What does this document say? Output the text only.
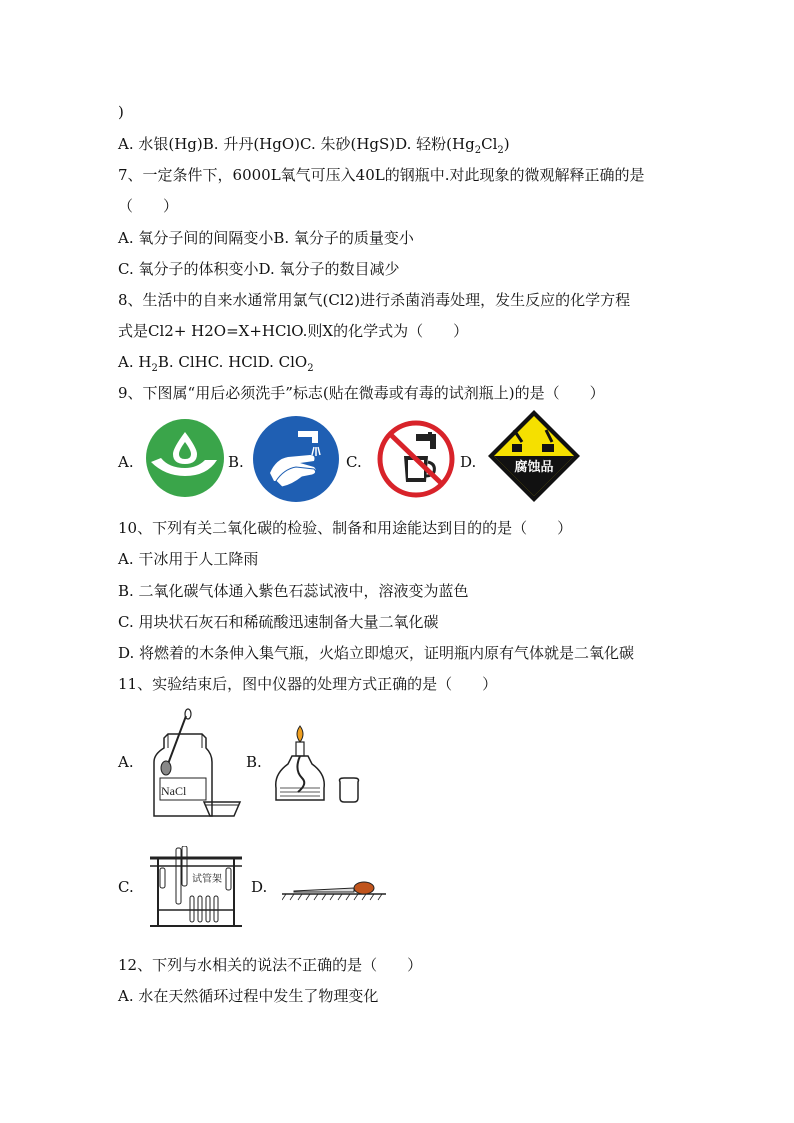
)
A. 水银(Hg)B. 升丹(HgO)C. 朱砂(HgS)D. 轻粉$(Hg_2Cl_2)$
7、一定条件下，6000L氧气可压入40L的钢瓶中.对此现象的微观解释正确的是
（　　）
A. 氧分子间的间隔变小B. 氧分子的质量变小
C. 氧分子的体积变小D. 氧分子的数目减少
8、生活中的自来水通常用氯气(Cl2)进行杀菌消毒处理，发生反应的化学方程
式是Cl2+ H2O=X+HClO.则X的化学式为（　　）
A. $H_2B$. ClHC. HClD. ClO$_2$
9、下图属“用后必须洗手”标志(贴在微毒或有毒的试剂瓶上)的是（　　）
A.	B.	C.	D.	腐蚀品
10、下列有关二氧化碳的检验、制备和用途能达到目的的是（　　）
A. 干冰用于人工降雨
B. 二氧化碳气体通入紫色石蕊试液中，溶液变为蓝色
C. 用块状石灰石和稀硫酸迅速制备大量二氧化碳
D. 将燃着的木条伸入集气瓶，火焰立即熄灭，证明瓶内原有气体就是二氧化碳
11、实验结束后，图中仪器的处理方式正确的是（　　）
A.	B.
C.	D.
NaCl
试管架
12、下列与水相关的说法不正确的是（　　）
A. 水在天然循环过程中发生了物理变化
